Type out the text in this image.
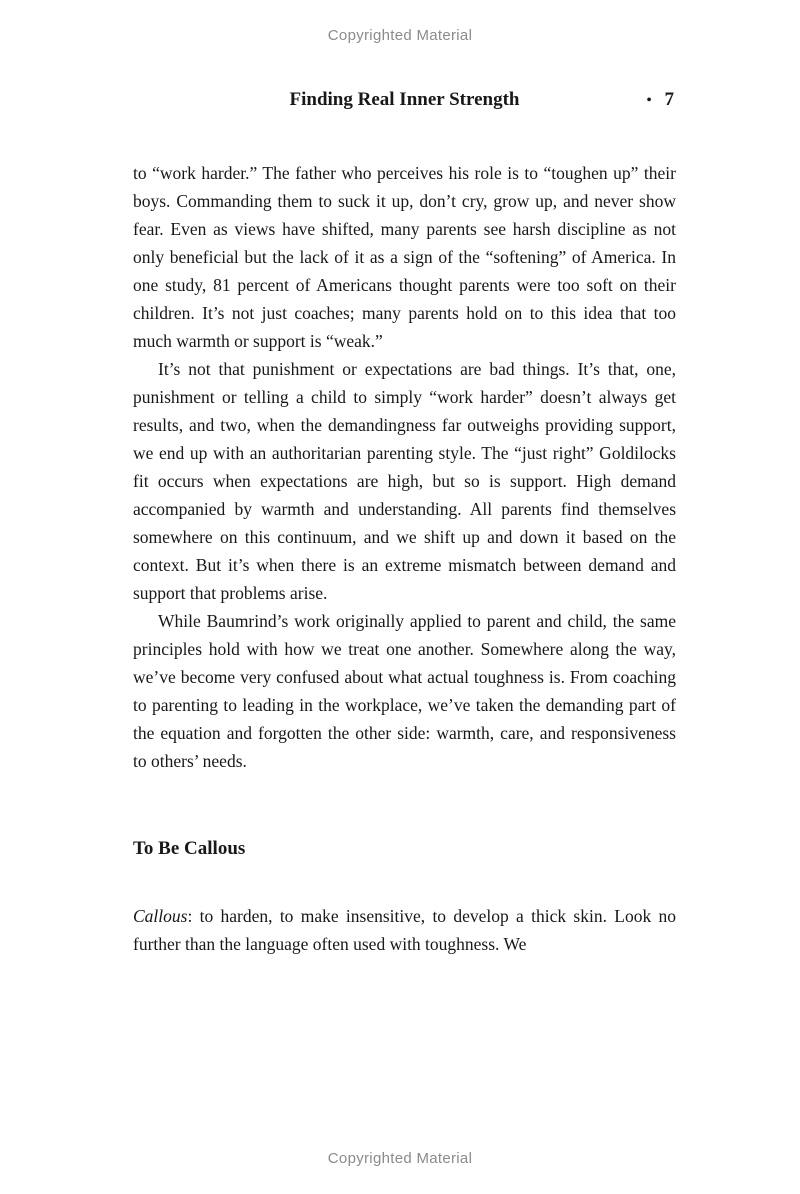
Copyrighted Material
Finding Real Inner Strength	• 7

to “work harder.” The father who perceives his role is to “toughen up” their boys. Commanding them to suck it up, don’t cry, grow up, and never show fear. Even as views have shifted, many parents see harsh discipline as not only beneficial but the lack of it as a sign of the “softening” of America. In one study, 81 percent of Americans thought parents were too soft on their children. It’s not just coaches; many parents hold on to this idea that too much warmth or support is “weak.”

It’s not that punishment or expectations are bad things. It’s that, one, punishment or telling a child to simply “work harder” doesn’t always get results, and two, when the demandingness far outweighs providing support, we end up with an authoritarian parenting style. The “just right” Goldilocks fit occurs when expectations are high, but so is support. High demand accompanied by warmth and understanding. All parents find themselves somewhere on this continuum, and we shift up and down it based on the context. But it’s when there is an extreme mismatch between demand and support that problems arise.

While Baumrind’s work originally applied to parent and child, the same principles hold with how we treat one another. Somewhere along the way, we’ve become very confused about what actual toughness is. From coaching to parenting to leading in the workplace, we’ve taken the demanding part of the equation and forgotten the other side: warmth, care, and responsiveness to others’ needs.

To Be Callous

Callous: to harden, to make insensitive, to develop a thick skin. Look no further than the language often used with toughness. We

Copyrighted Material
